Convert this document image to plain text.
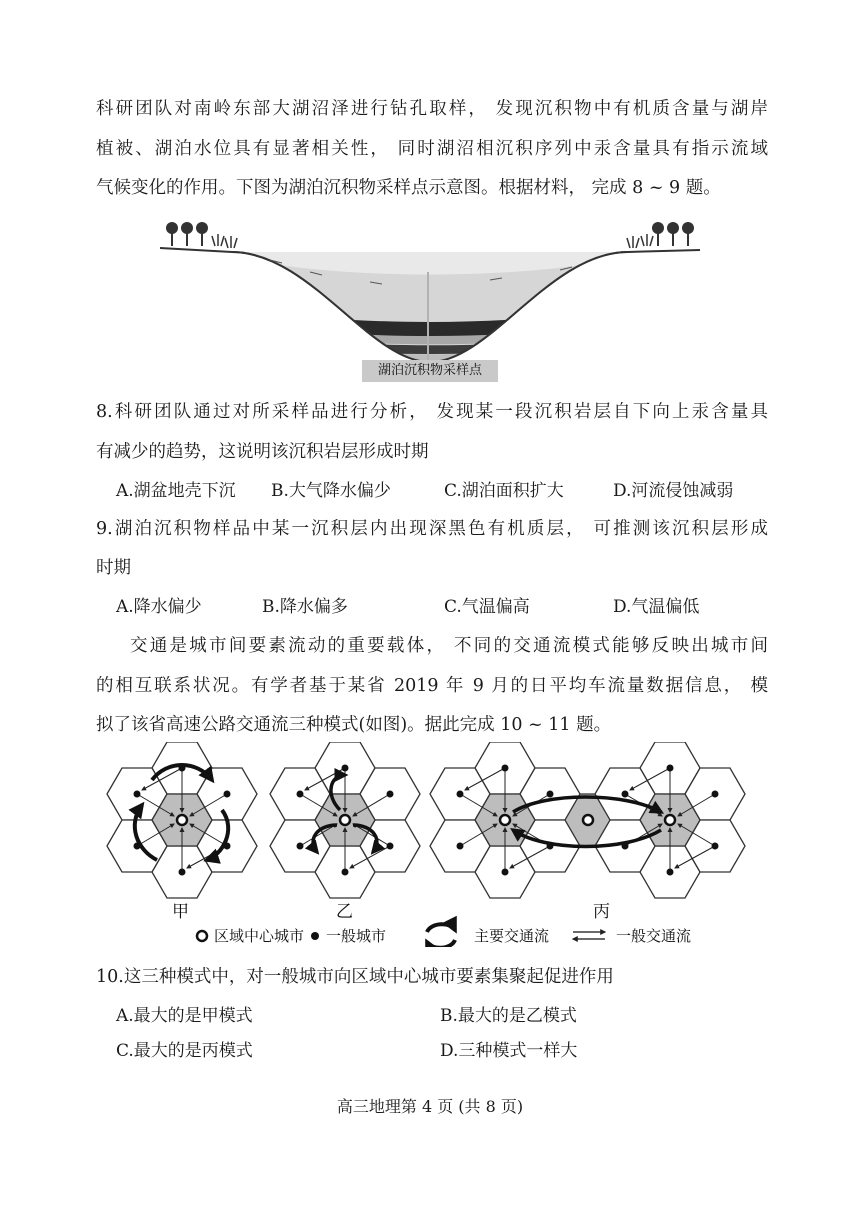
科研团队对南岭东部大湖沼泽进行钻孔取样， 发现沉积物中有机质含量与湖岸
植被、湖泊水位具有显著相关性， 同时湖沼相沉积序列中汞含量具有指示流域
气候变化的作用。下图为湖泊沉积物采样点示意图。根据材料， 完成 8 ~ 9 题。
湖泊沉积物采样点
8.科研团队通过对所采样品进行分析， 发现某一段沉积岩层自下向上汞含量具
有减少的趋势，这说明该沉积岩层形成时期
A.湖盆地壳下沉 B.大气降水偏少	C.湖泊面积扩大	D.河流侵蚀减弱
9.湖泊沉积物样品中某一沉积层内出现深黑色有机质层， 可推测该沉积层形成
时期
A.降水偏少	B.降水偏多	C.气温偏高	D.气温偏低
交通是城市间要素流动的重要载体， 不同的交通流模式能够反映出城市间
的相互联系状况。有学者基于某省 2019 年 9 月的日平均车流量数据信息， 模
拟了该省高速公路交通流三种模式(如图)。据此完成 10 ~ 11 题。
甲	乙	丙
区域中心城市 一般城市	主要交通流	一般交通流
10.这三种模式中，对一般城市向区域中心城市要素集聚起促进作用
A.最大的是甲模式	B.最大的是乙模式
C.最大的是丙模式	D.三种模式一样大
高三地理第 4 页 (共 8 页)
